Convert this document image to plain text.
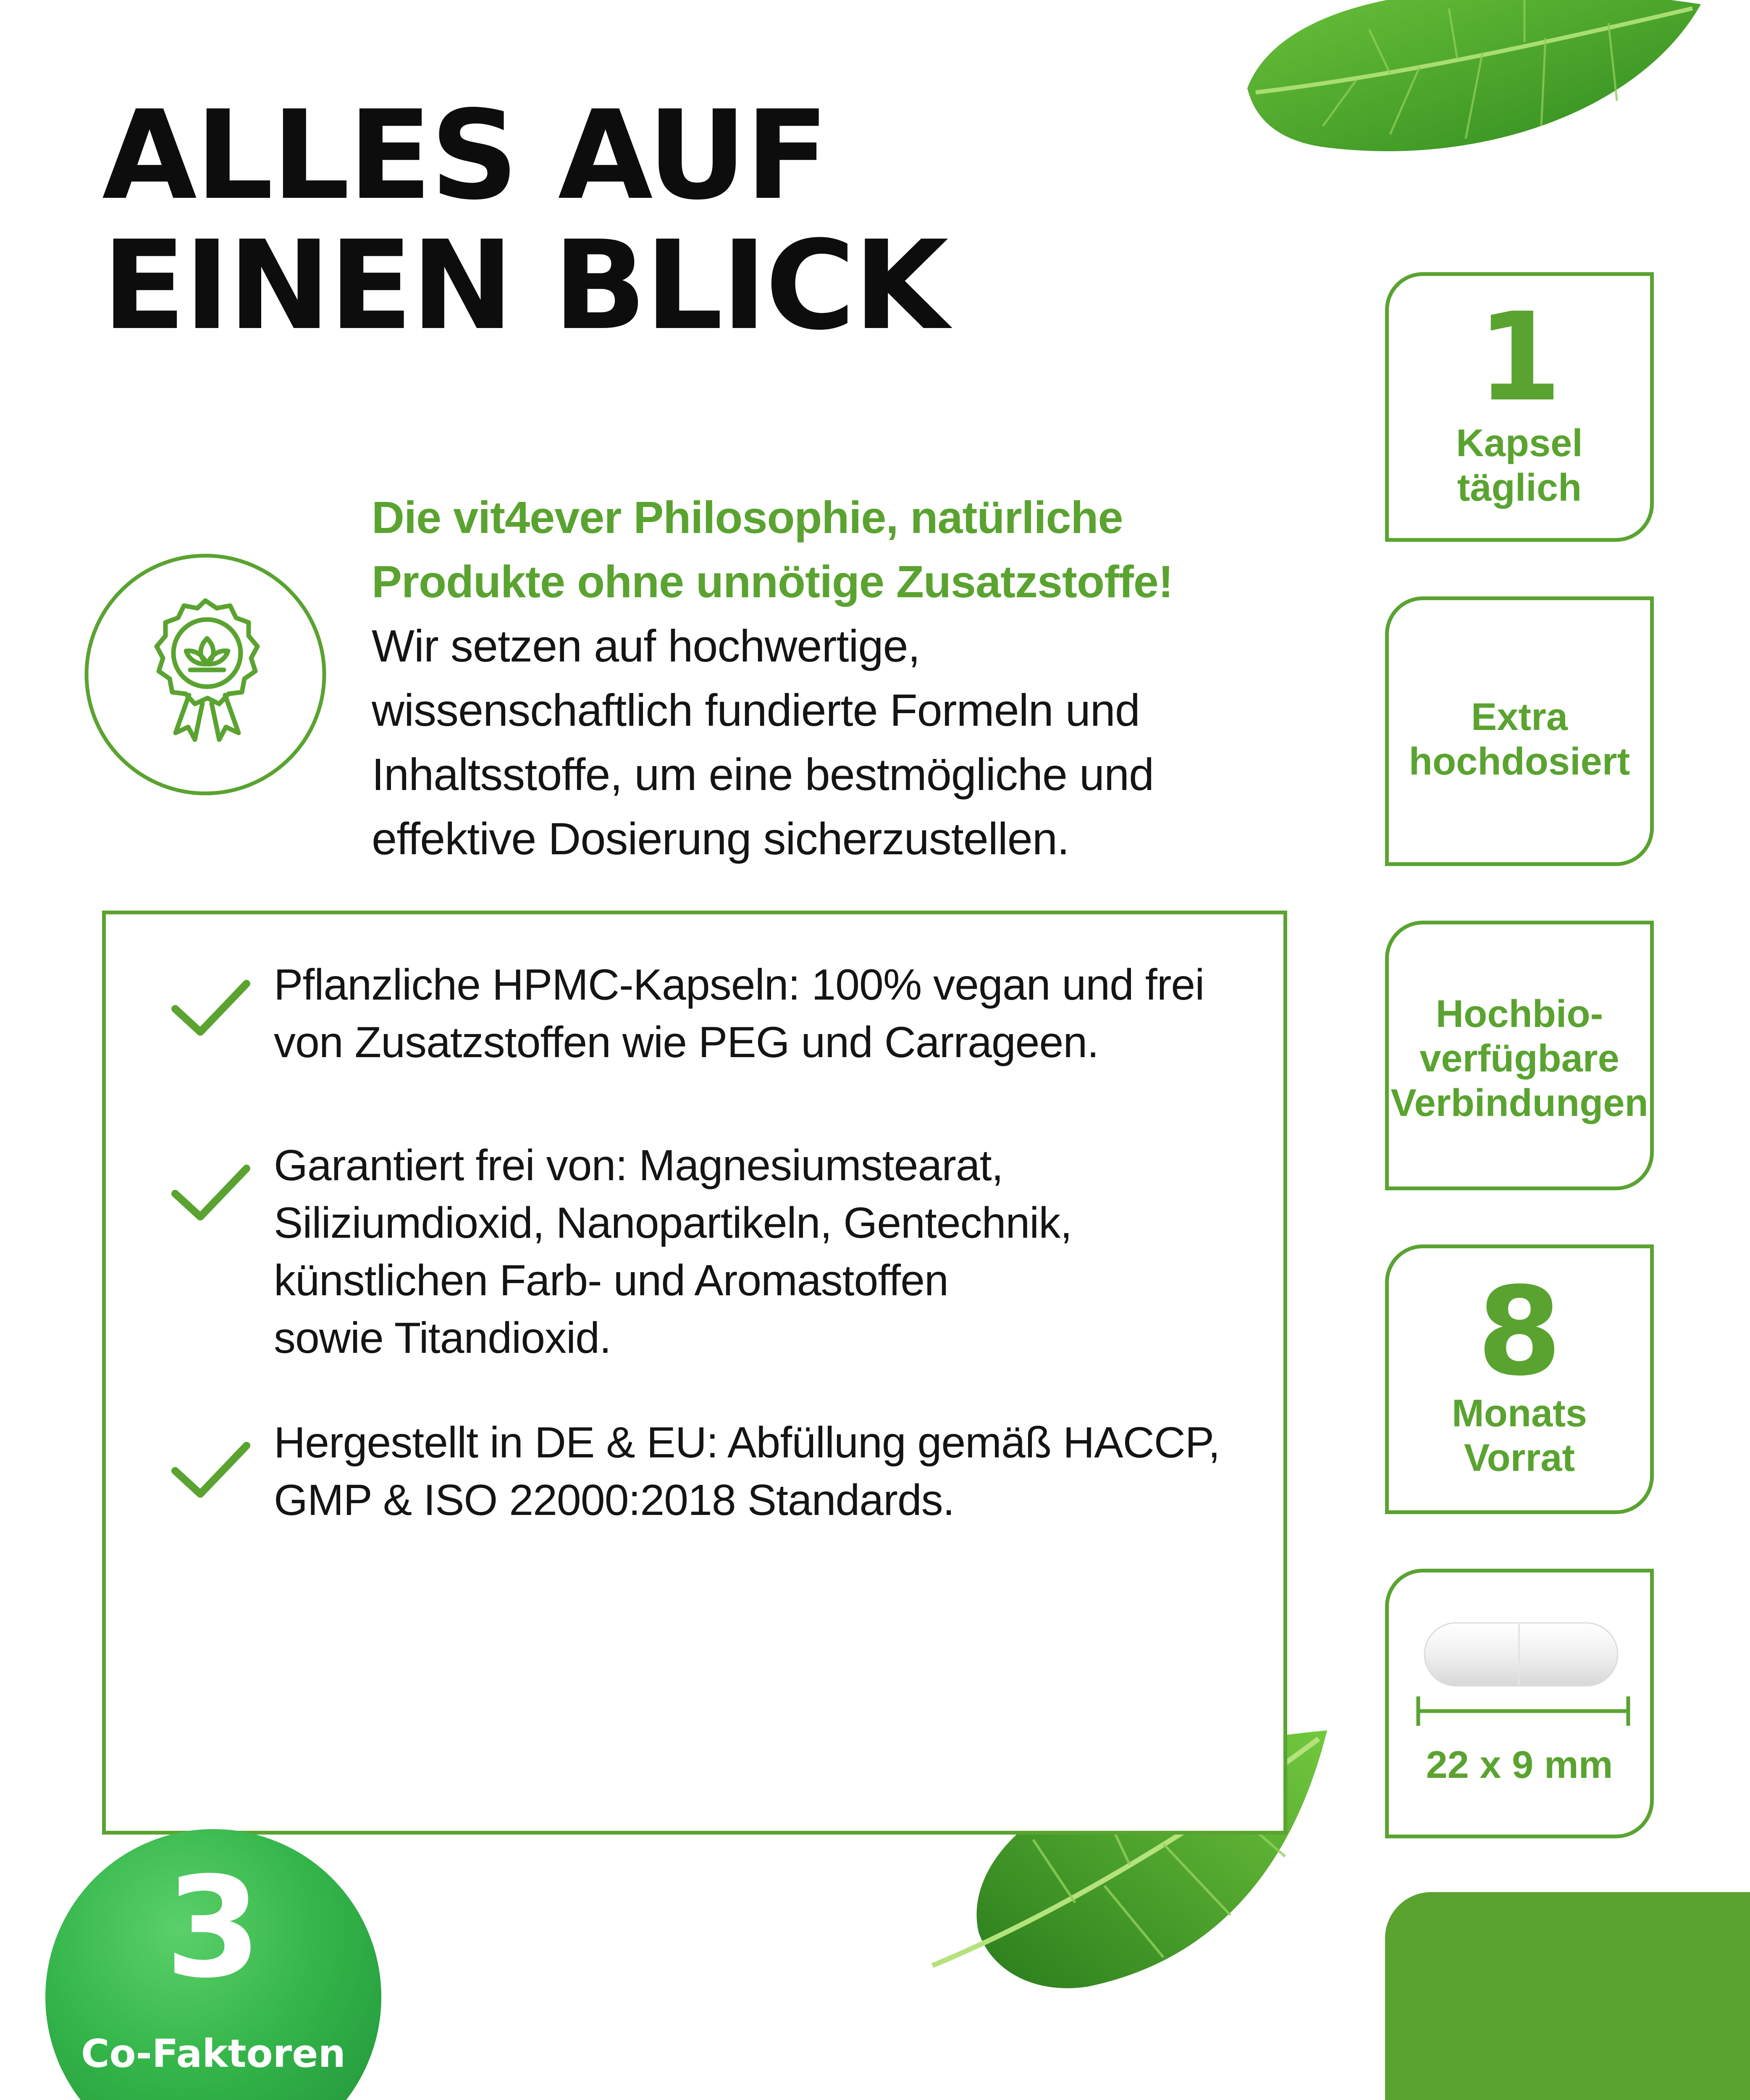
ALLES AUF
EINEN BLICK
Die vit4ever Philosophie, natürliche
Produkte ohne unnötige Zusatzstoffe!
Wir setzen auf hochwertige,
wissenschaftlich fundierte Formeln und
Inhaltsstoffe, um eine bestmögliche und
effektive Dosierung sicherzustellen.
Pflanzliche HPMC-Kapseln: 100% vegan und frei
von Zusatzstoffen wie PEG und Carrageen.
Garantiert frei von: Magnesiumstearat,
Siliziumdioxid, Nanopartikeln, Gentechnik,
künstlichen Farb- und Aromastoffen
sowie Titandioxid.
Hergestellt in DE & EU: Abfüllung gemäß HACCP,
GMP & ISO 22000:2018 Standards.
1
Kapsel
täglich
Extra
hochdosiert
Hochbio-
verfügbare
Verbindungen
8
Monats
Vorrat
22 x 9 mm
3
Co-Faktoren
